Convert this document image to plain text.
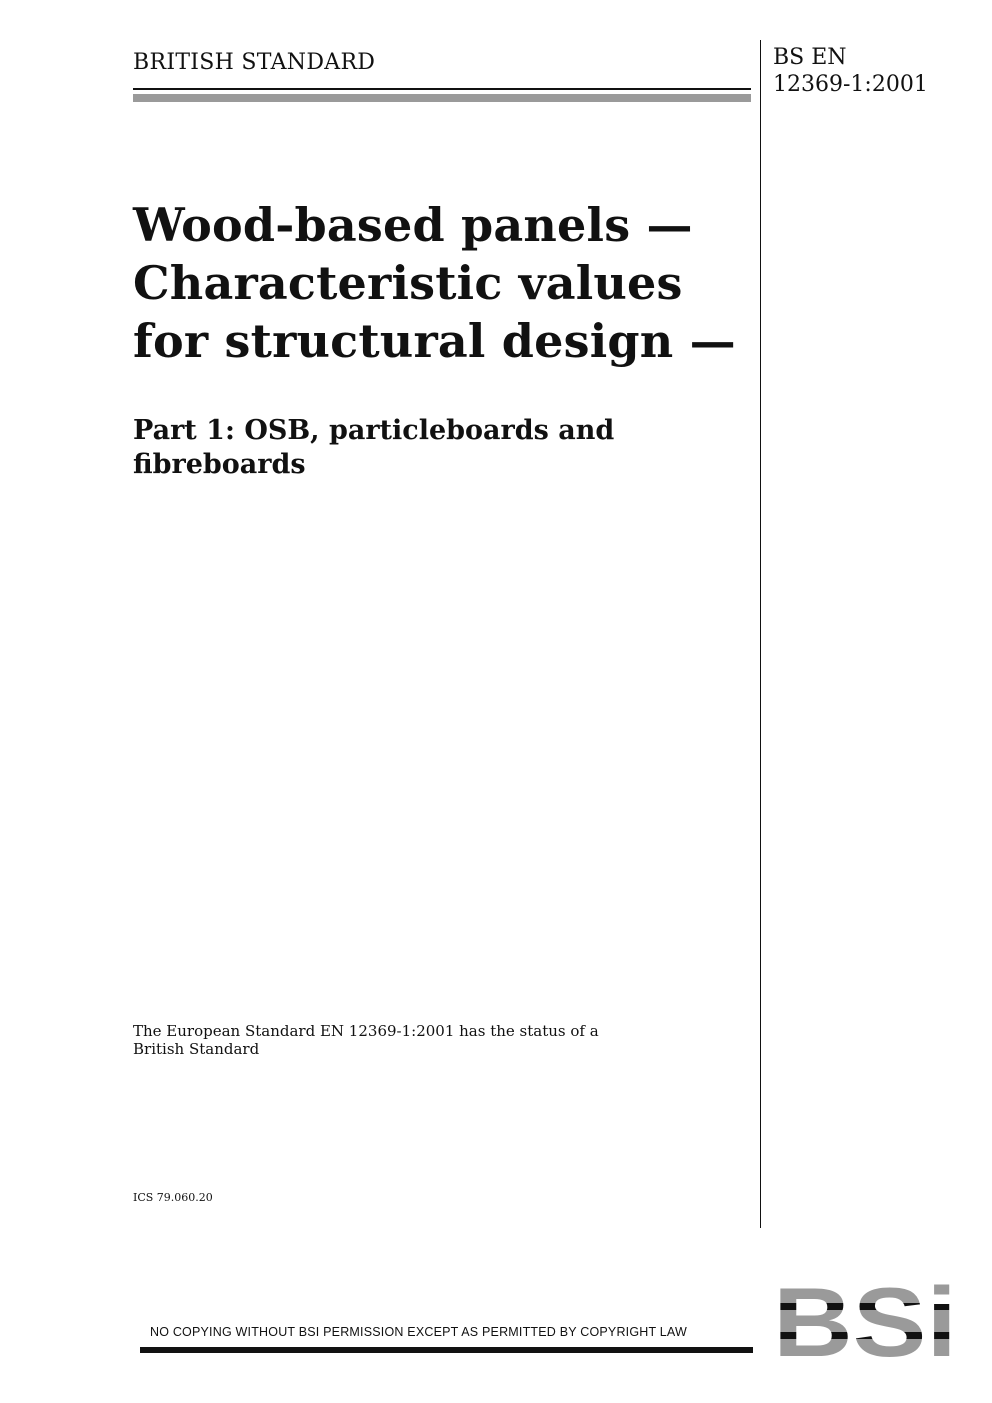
BRITISH STANDARD	BS EN
12369-1:2001
Wood-based panels —
Characteristic values
for structural design —
Part 1: OSB, particleboards and
fibreboards
The European Standard EN 12369-1:2001 has the status of a
British Standard
ICS 79.060.20
NO COPYING WITHOUT BSI PERMISSION EXCEPT AS PERMITTED BY COPYRIGHT LAW
